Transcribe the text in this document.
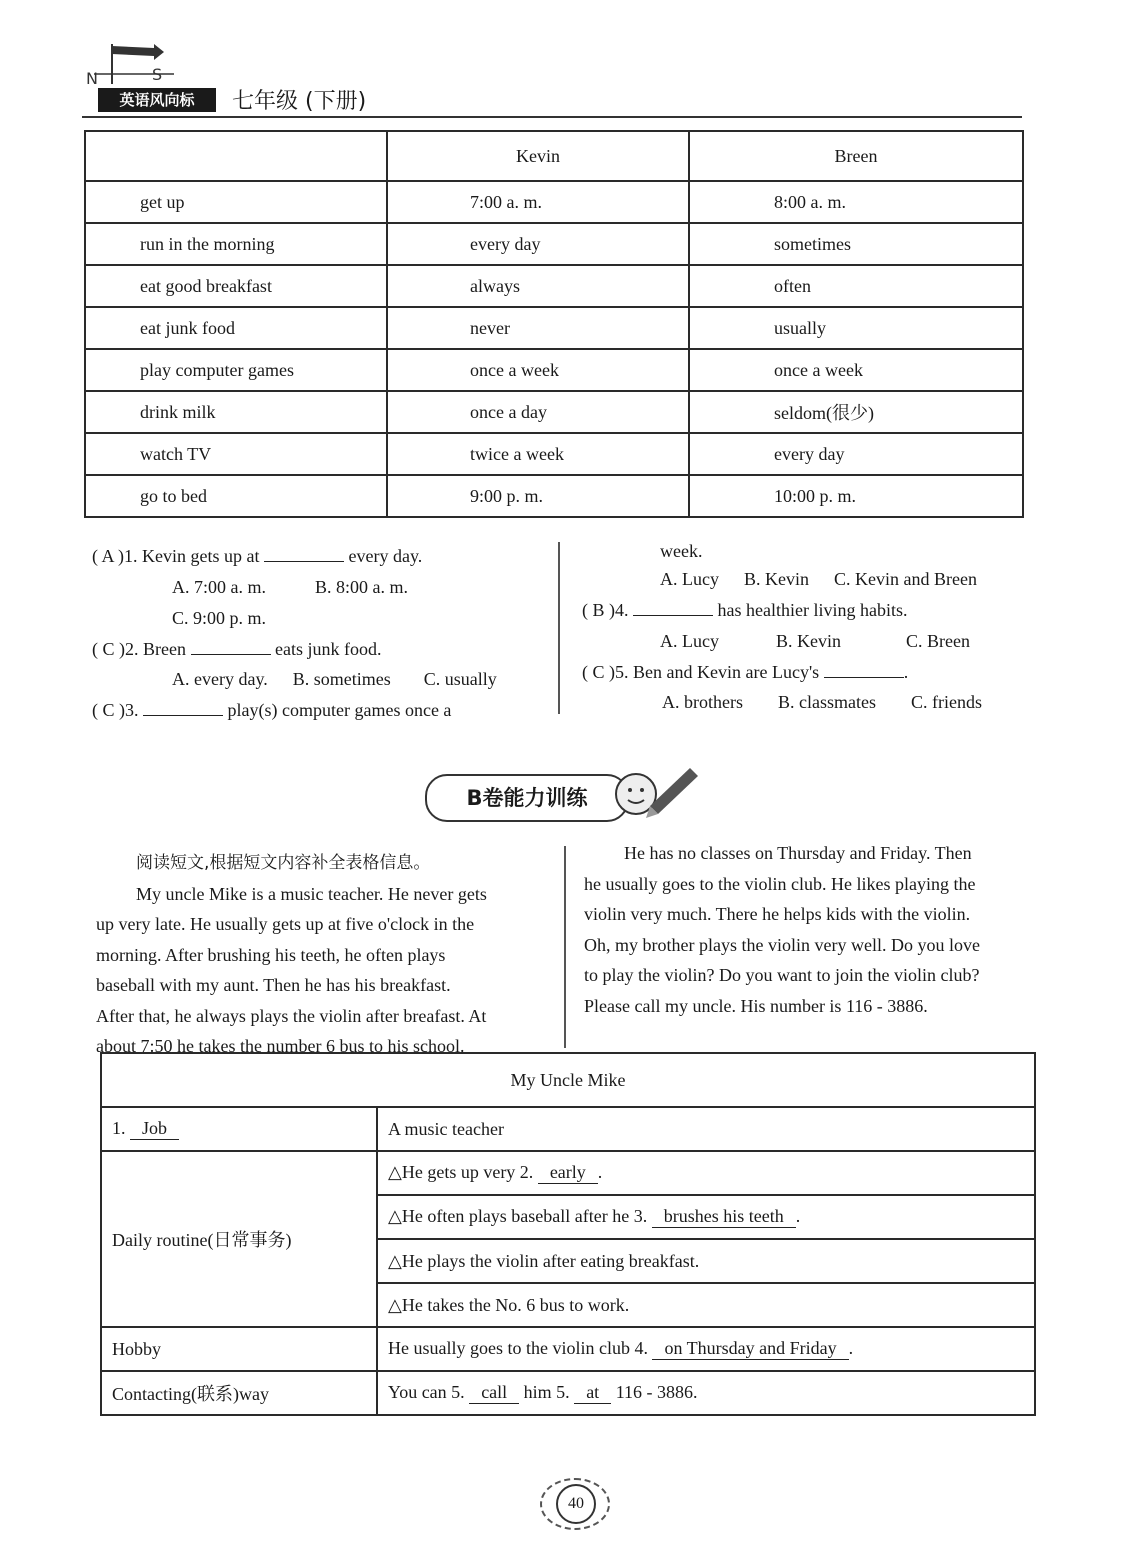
N	S
英语风向标	七年级 (下册)
	Kevin	Breen
get up	7:00 a. m.	8:00 a. m.
run in the morning	every day	sometimes
eat good breakfast	always	often
eat junk food	never	usually
play computer games	once a week	once a week
drink milk	once a day	seldom(很少)
watch TV	twice a week	every day
go to bed	9:00 p. m.	10:00 p. m.
( A )1. Kevin gets up at	every day.
A. 7:00 a. m.	B. 8:00 a. m.
C. 9:00 p. m.
( C )2. Breen	eats junk food.
A. every day. B. sometimes C. usually
( C )3.	play(s) computer games once a
week.
A. Lucy B. Kevin C. Kevin and Breen
( B )4.	has healthier living habits.
A. Lucy	B. Kevin	C. Breen
( C )5. Ben and Kevin are Lucy's	.
A. brothers B. classmates C. friends
B卷能力训练
阅读短文,根据短文内容补全表格信息。
My uncle Mike is a music teacher. He never gets
up very late. He usually gets up at five o'clock in the
morning. After brushing his teeth, he often plays
baseball with my aunt. Then he has his breakfast.
After that, he always plays the violin after breafast. At
about 7:50 he takes the number 6 bus to his school.
He has no classes on Thursday and Friday. Then
he usually goes to the violin club. He likes playing the
violin very much. There he helps kids with the violin.
Oh, my brother plays the violin very well. Do you love
to play the violin? Do you want to join the violin club?
Please call my uncle. His number is 116 - 3886.
My Uncle Mike	
1. Job	A music teacher
Daily routine(日常事务)	△He gets up very 2. early .
	△He often plays baseball after he 3. brushes his teeth .
	△He plays the violin after eating breakfast.
	△He takes the No. 6 bus to work.
Hobby	He usually goes to the violin club 4. on Thursday and Friday .
Contacting(联系)way	You can 5. call him 5. at 116 - 3886.
40
